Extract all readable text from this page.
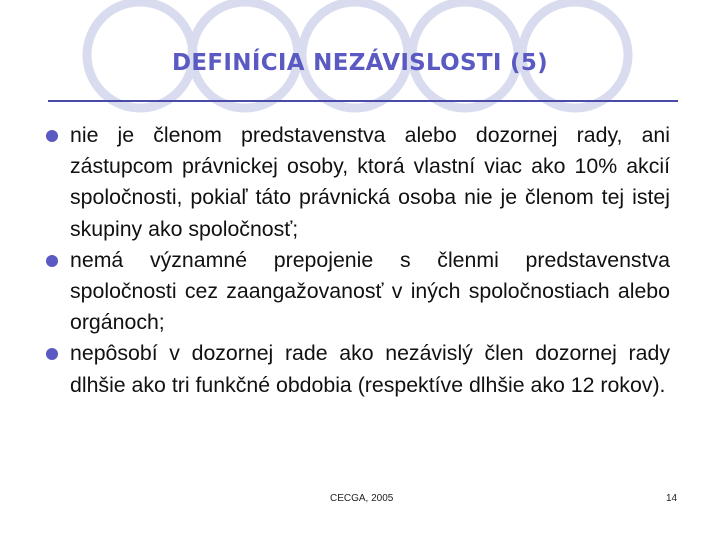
DEFINÍCIA NEZÁVISLOSTI (5)
nie je členom predstavenstva alebo dozornej rady, ani zástupcom právnickej osoby, ktorá vlastní viac ako 10% akcií spoločnosti, pokiaľ táto právnická osoba nie je členom tej istej skupiny ako spoločnosť;
nemá významné prepojenie s členmi predstavenstva spoločnosti cez zaangažovanosť v iných spoločnostiach alebo orgánoch;
nepôsobí v dozornej rade ako nezávislý člen dozornej rady dlhšie ako tri funkčné obdobia (respektíve dlhšie ako 12 rokov).
CECGA, 2005	14
